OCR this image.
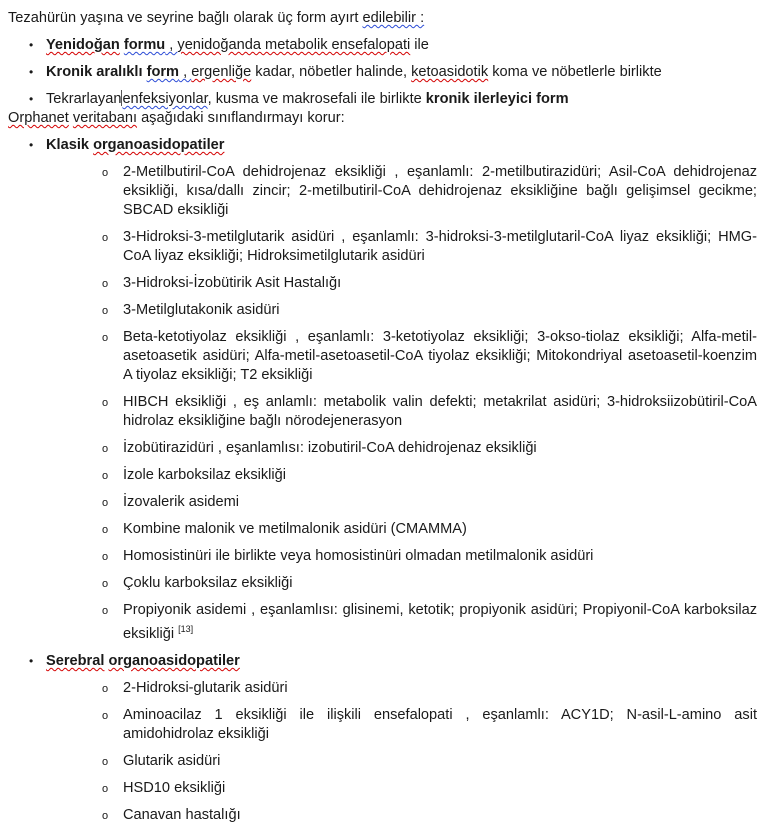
Tezahürün yaşına ve seyrine bağlı olarak üç form ayırt edilebilir :

• Yenidoğan formu , yenidoğanda metabolik ensefalopati ile
• Kronik aralıklı form , ergenliğe kadar, nöbetler halinde, ketoasidotik koma ve nöbetlerle birlikte
• Tekrarlayanenfeksiyonlar, kusma ve makrosefali ile birlikte kronik ilerleyici form

Orphanet veritabanı aşağıdaki sınıflandırmayı korur:

• Klasik organoasidopatiler
o 2-Metilbutiril-CoA dehidrojenaz eksikliği , eşanlamlı: 2-metilbutirazidüri; Asil-CoA dehidrojenaz eksikliği, kısa/dallı zincir; 2-metilbutiril-CoA dehidrojenaz eksikliğine bağlı gelişimsel gecikme; SBCAD eksikliği
o 3-Hidroksi-3-metilglutarik asidüri , eşanlamlı: 3-hidroksi-3-metilglutaril-CoA liyaz eksikliği; HMG-CoA liyaz eksikliği; Hidroksimetilglutarik asidüri
o 3-Hidroksi-İzobütirik Asit Hastalığı
o 3-Metilglutakonik asidüri
o Beta-ketotiyolaz eksikliği , eşanlamlı: 3-ketotiyolaz eksikliği; 3-okso-tiolaz eksikliği; Alfa-metil-asetoasetik asidüri; Alfa-metil-asetoasetil-CoA tiyolaz eksikliği; Mitokondriyal asetoasetil-koenzim A tiyolaz eksikliği; T2 eksikliği
o HIBCH eksikliği , eş anlamlı: metabolik valin defekti; metakrilat asidüri; 3-hidroksiizobütiril-CoA hidrolaz eksikliğine bağlı nörodejenerasyon
o İzobütirazidüri , eşanlamlısı: izobutiril-CoA dehidrojenaz eksikliği
o İzole karboksilaz eksikliği
o İzovalerik asidemi
o Kombine malonik ve metilmalonik asidüri (CMAMMA)
o Homosistinüri ile birlikte veya homosistinüri olmadan metilmalonik asidüri
o Çoklu karboksilaz eksikliği
o Propiyonik asidemi , eşanlamlısı: glisinemi, ketotik; propiyonik asidüri; Propiyonil-CoA karboksilaz eksikliği [13]
• Serebral organoasidopatiler
o 2-Hidroksi-glutarik asidüri
o Aminoacilaz 1 eksikliği ile ilişkili ensefalopati , eşanlamlı: ACY1D; N-asil-L-amino asit amidohidrolaz eksikliği
o Glutarik asidüri
o HSD10 eksikliği
o Canavan hastalığı
